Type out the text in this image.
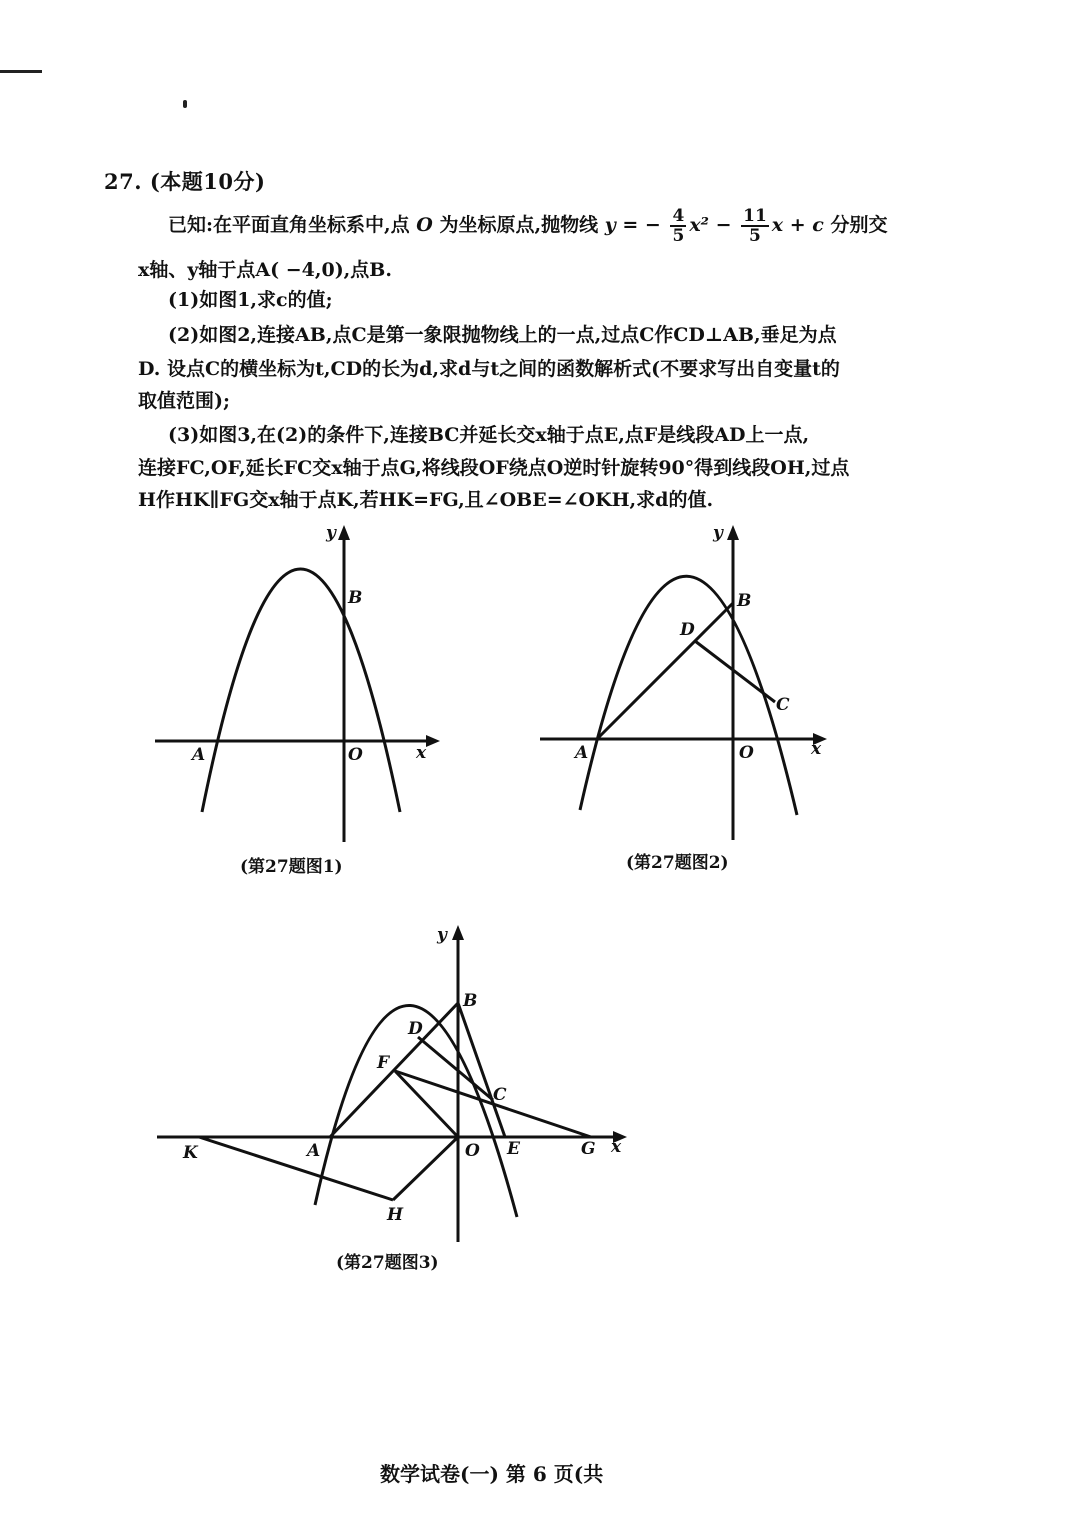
27. (本题10分)
已知:在平面直角坐标系中,点 O 为坐标原点,抛物线 y = − $\frac{4}{5} x^2 - \frac{11}{5}$ x + c 分别交
x轴、y轴于点A( −4,0),点B.
(1)如图1,求c的值;
(2)如图2,连接AB,点C是第一象限抛物线上的一点,过点C作CD⊥AB,垂足为点
D. 设点C的横坐标为t,CD的长为d,求d与t之间的函数解析式(不要求写出自变量t的
取值范围);
(3)如图3,在(2)的条件下,连接BC并延长交x轴于点E,点F是线段AD上一点,
连接FC,OF,延长FC交x轴于点G,将线段OF绕点O逆时针旋转90°得到线段OH,过点
H作HK∥FG交x轴于点K,若HK=FG,且∠OBE=∠OKH,求d的值.
y
x
A	O
B
(第27题图1)
y
x
A	O
B
D
C
(第27题图2)
y
x
A	O E	G
K
H
B
D
F
C
(第27题图3)
数学试卷(一) 第 6 页(共
